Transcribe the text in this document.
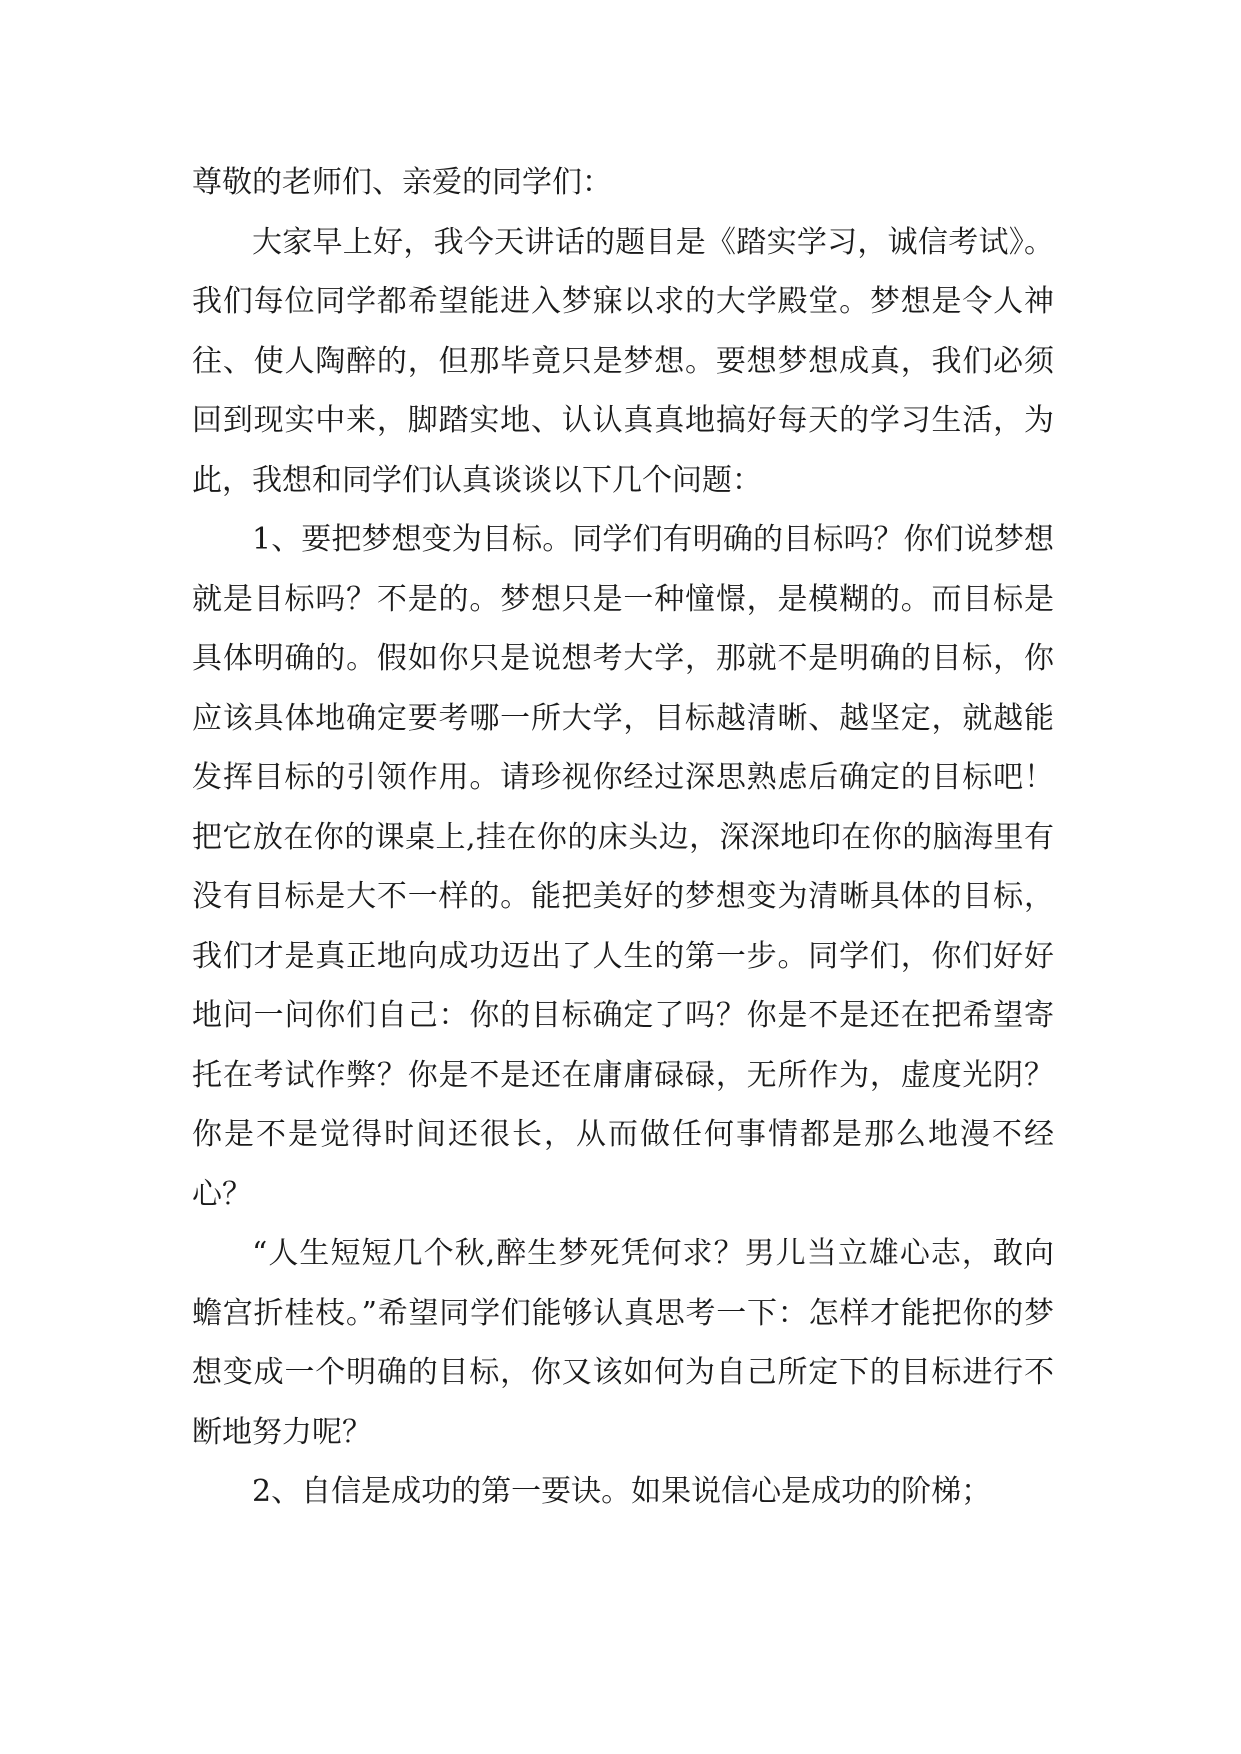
尊敬的老师们、亲爱的同学们：

大家早上好，我今天讲话的题目是《踏实学习，诚信考试》。 我们每位同学都希望能进入梦寐以求的大学殿堂。梦想是令人神往、使人陶醉的，但那毕竟只是梦想。要想梦想成真，我们必须回到现实中来，脚踏实地、认认真真地搞好每天的学习生活，为此，我想和同学们认真谈谈以下几个问题：

1、要把梦想变为目标。同学们有明确的目标吗？你们说梦想就是目标吗？不是的。梦想只是一种憧憬，是模糊的。而目标是具体明确的。假如你只是说想考大学，那就不是明确的目标，你应该具体地确定要考哪一所大学，目标越清晰、越坚定，就越能发挥目标的引领作用。请珍视你经过深思熟虑后确定的目标吧！把它放在你的课桌上,挂在你的床头边，深深地印在你的脑海里有没有目标是大不一样的。能把美好的梦想变为清晰具体的目标，我们才是真正地向成功迈出了人生的第一步。同学们，你们好好地问一问你们自己：你的目标确定了吗？你是不是还在把希望寄托在考试作弊？你是不是还在庸庸碌碌，无所作为，虚度光阴？你是不是觉得时间还很长，从而做任何事情都是那么地漫不经心？

“人生短短几个秋,醉生梦死凭何求？男儿当立雄心志，敢向蟾宫折桂枝。”希望同学们能够认真思考一下：怎样才能把你的梦想变成一个明确的目标，你又该如何为自己所定下的目标进行不断地努力呢？

2、自信是成功的第一要诀。如果说信心是成功的阶梯；
